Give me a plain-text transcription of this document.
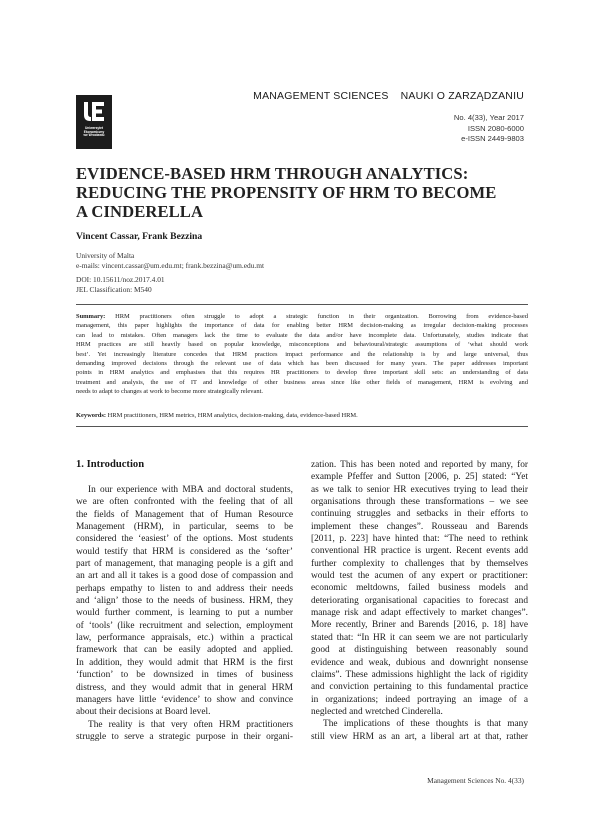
Uniwersytet
Ekonomiczny
we Wrocławiu
MANAGEMENT SCIENCES NAUKI O ZARZĄDZANIU
No. 4(33), Year 2017
ISSN 2080-6000
e-ISSN 2449-9803
EVIDENCE-BASED HRM THROUGH ANALYTICS:
REDUCING THE PROPENSITY OF HRM TO BECOME
A CINDERELLA
Vincent Cassar, Frank Bezzina
University of Malta
e-mails: vincent.cassar@um.edu.mt; frank.bezzina@um.edu.mt
DOI: 10.15611/noz.2017.4.01
JEL Classification: M540
Summary: HRM practitioners often struggle to adopt a strategic function in their organization. Borrowing from evidence-based
management, this paper highlights the importance of data for enabling better HRM decision-making as irregular decision-making processes
can lead to mistakes. Often managers lack the time to evaluate the data and/or have incomplete data. Unfortunately, studies indicate that
HRM practices are still heavily based on popular knowledge, misconceptions and behavioural/strategic assumptions of ‘what should work
best’. Yet increasingly literature concedes that HRM practices impact performance and the relationship is by and large universal, thus
demanding improved decisions through the relevant use of data which has been discussed for many years. The paper addresses important
points in HRM analytics and emphasises that this requires HR practitioners to develop three important skill sets: an understanding of data
treatment and analysis, the use of IT and knowledge of other business areas since like other fields of management, HRM is evolving and
needs to adapt to changes at work to become more strategically relevant.
Keywords: HRM practitioners, HRM metrics, HRM analytics, decision-making, data, evidence-based HRM.
1. Introduction
In our experience with MBA and doctoral students,
we are often confronted with the feeling that of all
the fields of Management that of Human Resource
Management (HRM), in particular, seems to be
considered the ‘easiest’ of the options. Most students
would testify that HRM is considered as the ‘softer’
part of management, that managing people is a gift and
an art and all it takes is a good dose of compassion and
perhaps empathy to listen to and address their needs
and ‘align’ those to the needs of business. HRM, they
would further comment, is learning to put a number
of ‘tools’ (like recruitment and selection, employment
law, performance appraisals, etc.) within a practical
framework that can be easily adopted and applied.
In addition, they would admit that HRM is the first
‘function’ to be downsized in times of business
distress, and they would admit that in general HRM
managers have little ‘evidence’ to show and convince
about their decisions at Board level.
The reality is that very often HRM practitioners
struggle to serve a strategic purpose in their organi-
zation. This has been noted and reported by many, for
example Pfeffer and Sutton [2006, p. 25] stated: “Yet
as we talk to senior HR executives trying to lead their
organisations through these transformations – we see
continuing struggles and setbacks in their efforts to
implement these changes”. Rousseau and Barends
[2011, p. 223] have hinted that: “The need to rethink
conventional HR practice is urgent. Recent events add
further complexity to challenges that by themselves
would test the acumen of any expert or practitioner:
economic meltdowns, failed business models and
deteriorating organisational capacities to forecast and
manage risk and adapt effectively to market changes”.
More recently, Briner and Barends [2016, p. 18] have
stated that: “In HR it can seem we are not particularly
good at distinguishing between reasonably sound
evidence and weak, dubious and downright nonsense
claims”. These admissions highlight the lack of rigidity
and conviction pertaining to this fundamental practice
in organizations; indeed portraying an image of a
neglected and wretched Cinderella.
The implications of these thoughts is that many
still view HRM as an art, a liberal art at that, rather
Management Sciences No. 4(33)
